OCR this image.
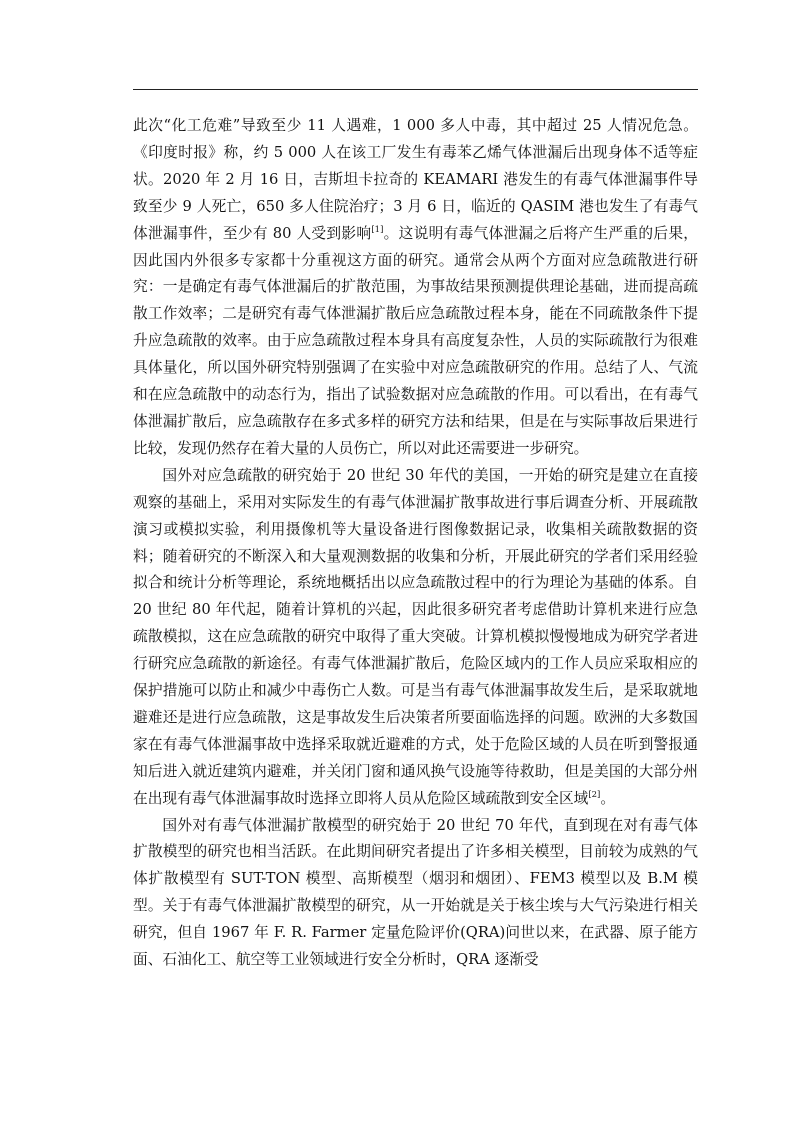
此次“化工危难”导致至少 11 人遇难，1 000 多人中毒，其中超过 25 人情况危急。《印度时报》称，约 5 000 人在该工厂发生有毒苯乙烯气体泄漏后出现身体不适等症状。2020 年 2 月 16 日，吉斯坦卡拉奇的 KEAMARI 港发生的有毒气体泄漏事件导致至少 9 人死亡，650 多人住院治疗；3 月 6 日，临近的 QASIM 港也发生了有毒气体泄漏事件，至少有 80 人受到影响[1]。这说明有毒气体泄漏之后将产生严重的后果，因此国内外很多专家都十分重视这方面的研究。通常会从两个方面对应急疏散进行研究：一是确定有毒气体泄漏后的扩散范围，为事故结果预测提供理论基础，进而提高疏散工作效率；二是研究有毒气体泄漏扩散后应急疏散过程本身，能在不同疏散条件下提升应急疏散的效率。由于应急疏散过程本身具有高度复杂性，人员的实际疏散行为很难具体量化，所以国外研究特别强调了在实验中对应急疏散研究的作用。总结了人、气流和在应急疏散中的动态行为，指出了试验数据对应急疏散的作用。可以看出，在有毒气体泄漏扩散后，应急疏散存在多式多样的研究方法和结果，但是在与实际事故后果进行比较，发现仍然存在着大量的人员伤亡，所以对此还需要进一步研究。

国外对应急疏散的研究始于 20 世纪 30 年代的美国，一开始的研究是建立在直接观察的基础上，采用对实际发生的有毒气体泄漏扩散事故进行事后调查分析、开展疏散演习或模拟实验，利用摄像机等大量设备进行图像数据记录，收集相关疏散数据的资料；随着研究的不断深入和大量观测数据的收集和分析，开展此研究的学者们采用经验拟合和统计分析等理论，系统地概括出以应急疏散过程中的行为理论为基础的体系。自 20 世纪 80 年代起，随着计算机的兴起，因此很多研究者考虑借助计算机来进行应急疏散模拟，这在应急疏散的研究中取得了重大突破。计算机模拟慢慢地成为研究学者进行研究应急疏散的新途径。有毒气体泄漏扩散后，危险区域内的工作人员应采取相应的保护措施可以防止和减少中毒伤亡人数。可是当有毒气体泄漏事故发生后，是采取就地避难还是进行应急疏散，这是事故发生后决策者所要面临选择的问题。欧洲的大多数国家在有毒气体泄漏事故中选择采取就近避难的方式，处于危险区域的人员在听到警报通知后进入就近建筑内避难，并关闭门窗和通风换气设施等待救助，但是美国的大部分州在出现有毒气体泄漏事故时选择立即将人员从危险区域疏散到安全区域[2]。

国外对有毒气体泄漏扩散模型的研究始于 20 世纪 70 年代，直到现在对有毒气体扩散模型的研究也相当活跃。在此期间研究者提出了许多相关模型，目前较为成熟的气体扩散模型有 SUT-TON 模型、高斯模型（烟羽和烟团）、FEM3 模型以及 B.M 模型。关于有毒气体泄漏扩散模型的研究，从一开始就是关于核尘埃与大气污染进行相关研究，但自 1967 年 F. R. Farmer 定量危险评价(QRA)问世以来，在武器、原子能方面、石油化工、航空等工业领域进行安全分析时，QRA 逐渐受
